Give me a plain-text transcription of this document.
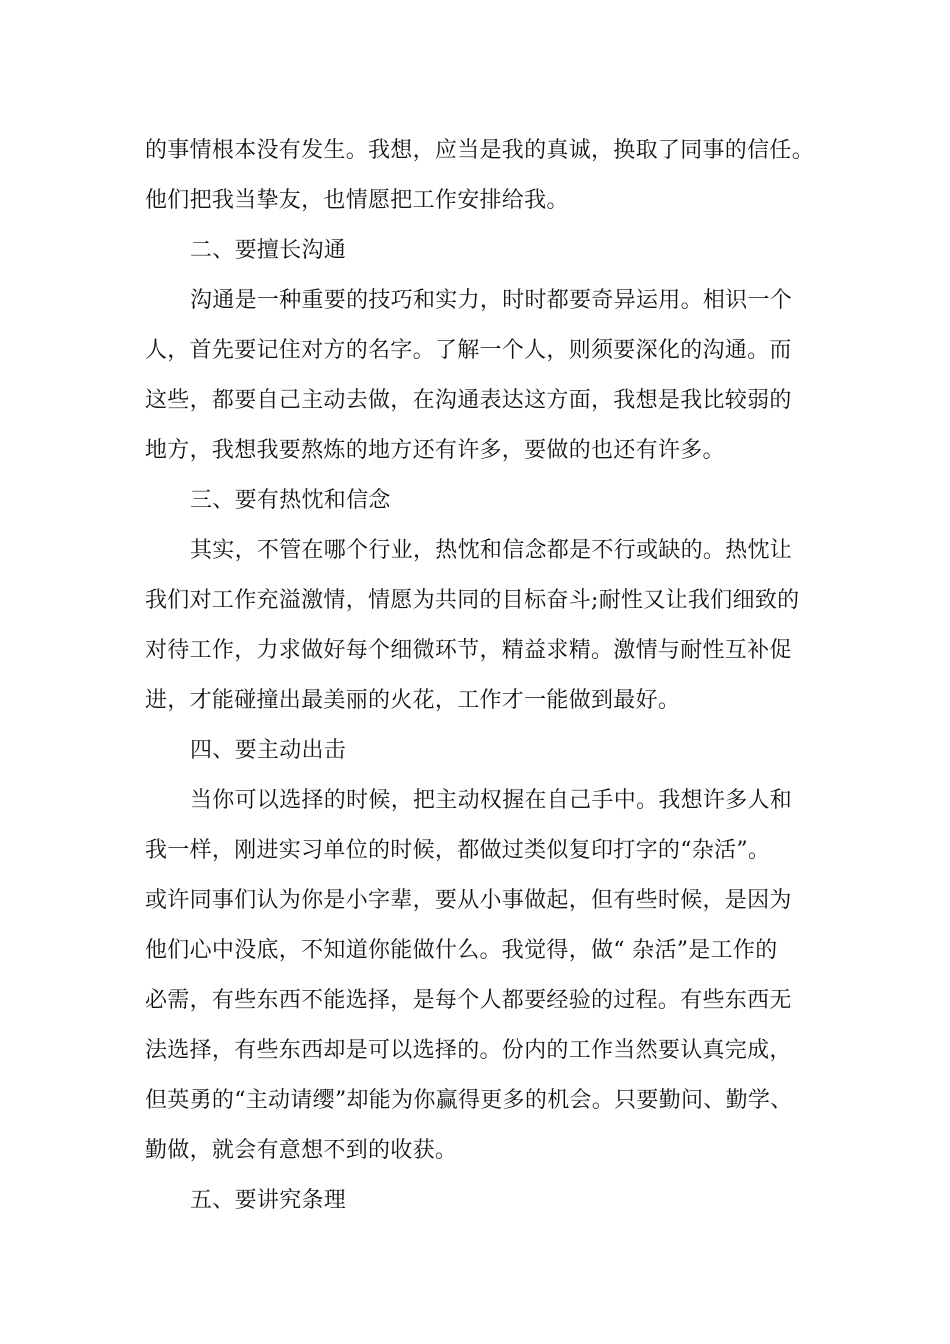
的事情根本没有发生。我想，应当是我的真诚，换取了同事的信任。
他们把我当挚友，也情愿把工作安排给我。
二、要擅长沟通
沟通是一种重要的技巧和实力，时时都要奇异运用。相识一个
人，首先要记住对方的名字。了解一个人，则须要深化的沟通。而
这些，都要自己主动去做，在沟通表达这方面，我想是我比较弱的
地方，我想我要熬炼的地方还有许多，要做的也还有许多。
三、要有热忱和信念
其实，不管在哪个行业，热忱和信念都是不行或缺的。热忱让
我们对工作充溢激情，情愿为共同的目标奋斗;耐性又让我们细致的
对待工作，力求做好每个细微环节，精益求精。激情与耐性互补促
进，才能碰撞出最美丽的火花，工作才一能做到最好。
四、要主动出击
当你可以选择的时候，把主动权握在自己手中。我想许多人和
我一样，刚进实习单位的时候，都做过类似复印打字的“杂活”。
或许同事们认为你是小字辈，要从小事做起，但有些时候，是因为
他们心中没底，不知道你能做什么。我觉得，做“ 杂活”是工作的
必需，有些东西不能选择，是每个人都要经验的过程。有些东西无
法选择，有些东西却是可以选择的。份内的工作当然要认真完成，
但英勇的“主动请缨”却能为你赢得更多的机会。只要勤问、勤学、
勤做，就会有意想不到的收获。
五、要讲究条理
